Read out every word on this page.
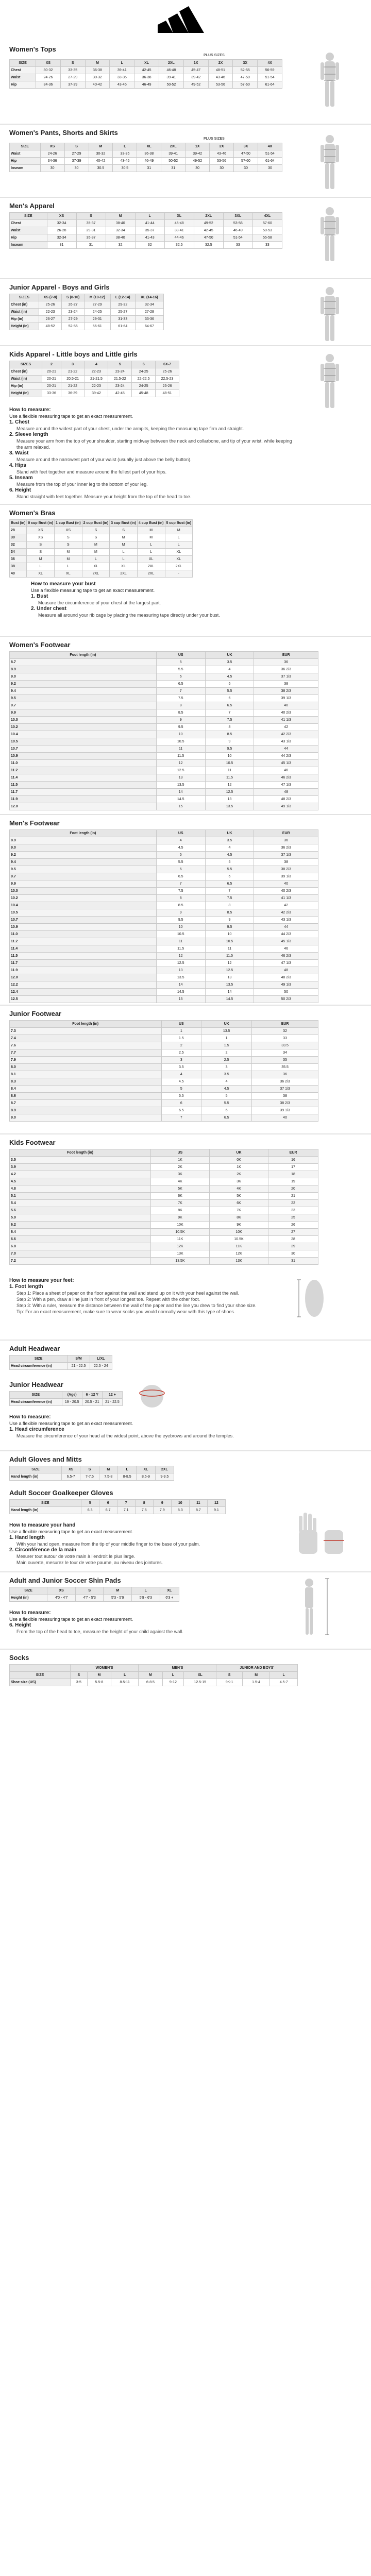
Women's Tops
PLUS SIZES
SIZE	XS	S	M	L	XL	2XL	1X	2X	3X	4X
Chest	30-32	33-35	36-38	39-41	42-45	46-48	45-47	48-51	52-55	56-59
Waist	24-26	27-29	30-32	33-35	36-38	39-41	39-42	43-46	47-50	51-54
Hip	34-36	37-39	40-42	43-45	46-49	50-52	49-52	53-56	57-60	61-64
Women's Pants, Shorts and Skirts
PLUS SIZES
SIZE	XS	S	M	L	XL	2XL	1X	2X	3X	4X
Waist	24-26	27-29	30-32	33-35	36-38	39-41	39-42	43-46	47-50	51-54
Hip	34-36	37-39	40-42	43-45	46-49	50-52	49-52	53-56	57-60	61-64
Inseam	30	30	30.5	30.5	31	31	30	30	30	30
Men's Apparel
SIZE	XS	S	M	L	XL	2XL	3XL	4XL
Chest	32-34	35-37	38-40	41-44	45-48	49-52	53-56	57-60
Waist	26-28	29-31	32-34	35-37	38-41	42-45	46-49	50-53
Hip	32-34	35-37	38-40	41-43	44-46	47-50	51-54	55-58
Inseam	31	31	32	32	32.5	32.5	33	33
Junior Apparel - Boys and Girls
SIZES	XS (7-8)	S (8-10)	M (10-12)	L (12-14)	XL (14-16)
Chest (in)	25-26	26-27	27-29	29-32	32-34
Waist (in)	22-23	23-24	24-25	25-27	27-28
Hip (in)	26-27	27-29	29-31	31-33	33-36
Height (in)	48-52	52-56	56-61	61-64	64-67
Kids Apparel - Little boys and Little girls
SIZES	2	3	4	5	6	6X-7
Chest (in)	20-21	21-22	22-23	23-24	24-25	25-26
Waist (in)	20-21	20.5-21	21-21.5	21.5-22	22-22.5	22.5-23
Hip (in)	20-21	21-22	22-23	23-24	24-25	25-26
Height (in)	33-36	36-39	39-42	42-45	45-48	48-51
How to measure:
Use a flexible measuring tape to get an exact measurement.
1. Chest
Measure around the widest part of your chest, under the armpits, keeping the measuring tape firm and straight.
2. Sleeve length
Measure your arm from the top of your shoulder, starting midway between the neck and collarbone, and tip of your wrist, while keeping the arm relaxed.
3. Waist
Measure around the narrowest part of your waist (usually just above the belly button).
4. Hips
Stand with feet together and measure around the fullest part of your hips.
5. Inseam
Measure from the top of your inner leg to the bottom of your leg.
6. Height
Stand straight with feet together. Measure your height from the top of the head to toe.
Women's Bras
Bust (in)	0 cup Bust (in)	1 cup Bust (in)	2 cup Bust (in)	3 cup Bust (in)	4 cup Bust (in)	5 cup Bust (in)
28	XS	XS	S	S	M	M
30	XS	S	S	M	M	L
32	S	S	M	M	L	L
34	S	M	M	L	L	XL
36	M	M	L	L	XL	XL
38	L	L	XL	XL	2XL	2XL
40	XL	XL	2XL	2XL	2XL	-
How to measure your bust
Use a flexible measuring tape to get an exact measurement.
1. Bust
Measure the circumference of your chest at the largest part.
2. Under chest
Measure all around your rib cage by placing the measuring tape directly under your bust.
Women's Footwear
Foot length (in)	US	UK	EUR
8.7	5	3.5	36
8.9	5.5	4	36 2/3
9.0	6	4.5	37 1/3
9.2	6.5	5	38
9.4	7	5.5	38 2/3
9.5	7.5	6	39 1/3
9.7	8	6.5	40
9.9	8.5	7	40 2/3
10.0	9	7.5	41 1/3
10.2	9.5	8	42
10.4	10	8.5	42 2/3
10.5	10.5	9	43 1/3
10.7	11	9.5	44
10.9	11.5	10	44 2/3
11.0	12	10.5	45 1/3
11.2	12.5	11	46
11.4	13	11.5	46 2/3
11.5	13.5	12	47 1/3
11.7	14	12.5	48
11.9	14.5	13	48 2/3
12.0	15	13.5	49 1/3
Men's Footwear
Foot length (in)	US	UK	EUR
8.9	4	3.5	36
9.0	4.5	4	36 2/3
9.2	5	4.5	37 1/3
9.4	5.5	5	38
9.5	6	5.5	38 2/3
9.7	6.5	6	39 1/3
9.9	7	6.5	40
10.0	7.5	7	40 2/3
10.2	8	7.5	41 1/3
10.4	8.5	8	42
10.5	9	8.5	42 2/3
10.7	9.5	9	43 1/3
10.9	10	9.5	44
11.0	10.5	10	44 2/3
11.2	11	10.5	45 1/3
11.4	11.5	11	46
11.5	12	11.5	46 2/3
11.7	12.5	12	47 1/3
11.9	13	12.5	48
12.0	13.5	13	48 2/3
12.2	14	13.5	49 1/3
12.4	14.5	14	50
12.5	15	14.5	50 2/3
Junior Footwear
Foot length (in)	US	UK	EUR
7.3	1	13.5	32
7.4	1.5	1	33
7.6	2	1.5	33.5
7.7	2.5	2	34
7.9	3	2.5	35
8.0	3.5	3	35.5
8.1	4	3.5	36
8.3	4.5	4	36 2/3
8.4	5	4.5	37 1/3
8.6	5.5	5	38
8.7	6	5.5	38 2/3
8.9	6.5	6	39 1/3
9.0	7	6.5	40
Kids Footwear
Foot length (in)	US	UK	EUR
3.5	1K	0K	16
3.9	2K	1K	17
4.2	3K	2K	18
4.5	4K	3K	19
4.8	5K	4K	20
5.1	6K	5K	21
5.4	7K	6K	22
5.6	8K	7K	23
5.9	9K	8K	25
6.2	10K	9K	26
6.4	10.5K	10K	27
6.6	11K	10.5K	28
6.8	12K	11K	29
7.0	13K	12K	30
7.2	13.5K	13K	31
How to measure your feet:
1. Foot length
Step 1: Place a sheet of paper on the floor against the wall and stand up on it with your heel against the wall.
Step 2: With a pen, draw a line just in front of your longest toe. Repeat with the other foot.
Step 3: With a ruler, measure the distance between the wall of the paper and the line you drew to find your shoe size.
Tip: For an exact measurement, make sure to wear socks you would normally wear with this type of shoes.
Adult Headwear
SIZE	S/M	L/XL
Head circumference (in)	21 - 22.5	22.5 - 24
Junior Headwear
SIZE	(Age)	6 - 12 Y	12 +
Head circumference (in)	19 - 20.5	20.5 - 21	21 - 22.5
How to measure:
Use a flexible measuring tape to get an exact measurement.
1. Head circumference
Measure the circumference of your head at the widest point, above the eyebrows and around the temples.
Adult Gloves and Mitts
SIZE	XS	S	M	L	XL	2XL
Hand length (in)	6.5-7	7-7.5	7.5-8	8-8.5	8.5-9	9-9.5
Adult Soccer Goalkeeper Gloves
SIZE	5	6	7	8	9	10	11	12
Hand length (in)	6.3	6.7	7.1	7.5	7.9	8.3	8.7	9.1
How to measure your hand
Use a flexible measuring tape to get an exact measurement.
1. Hand length
With your hand open, measure from the tip of your middle finger to the base of your palm.
2. Circonférence de la main
Mesurer tout autour de votre main à l'endroit le plus large.
Main ouverte, mesurez le tour de votre paume, au niveau des jointures.
Adult and Junior Soccer Shin Pads
SIZE	XS	S	M	L	XL
Height (in)	4'0 - 4'7	4'7 - 5'3	5'3 - 5'9	5'9 - 6'3	6'3 +
How to measure:
Use a flexible measuring tape to get an exact measurement.
6. Height
From the top of the head to toe, measure the height of your child against the wall.
Socks
	WOMEN'S			MEN'S			JUNIOR AND BOYS'		
SIZE	S	M	L	M	L	XL	S	M	L
Shoe size (US)	3-5	5.5-8	8.5-11	6-8.5	9-12	12.5-15	9K-1	1.5-4	4.5-7
